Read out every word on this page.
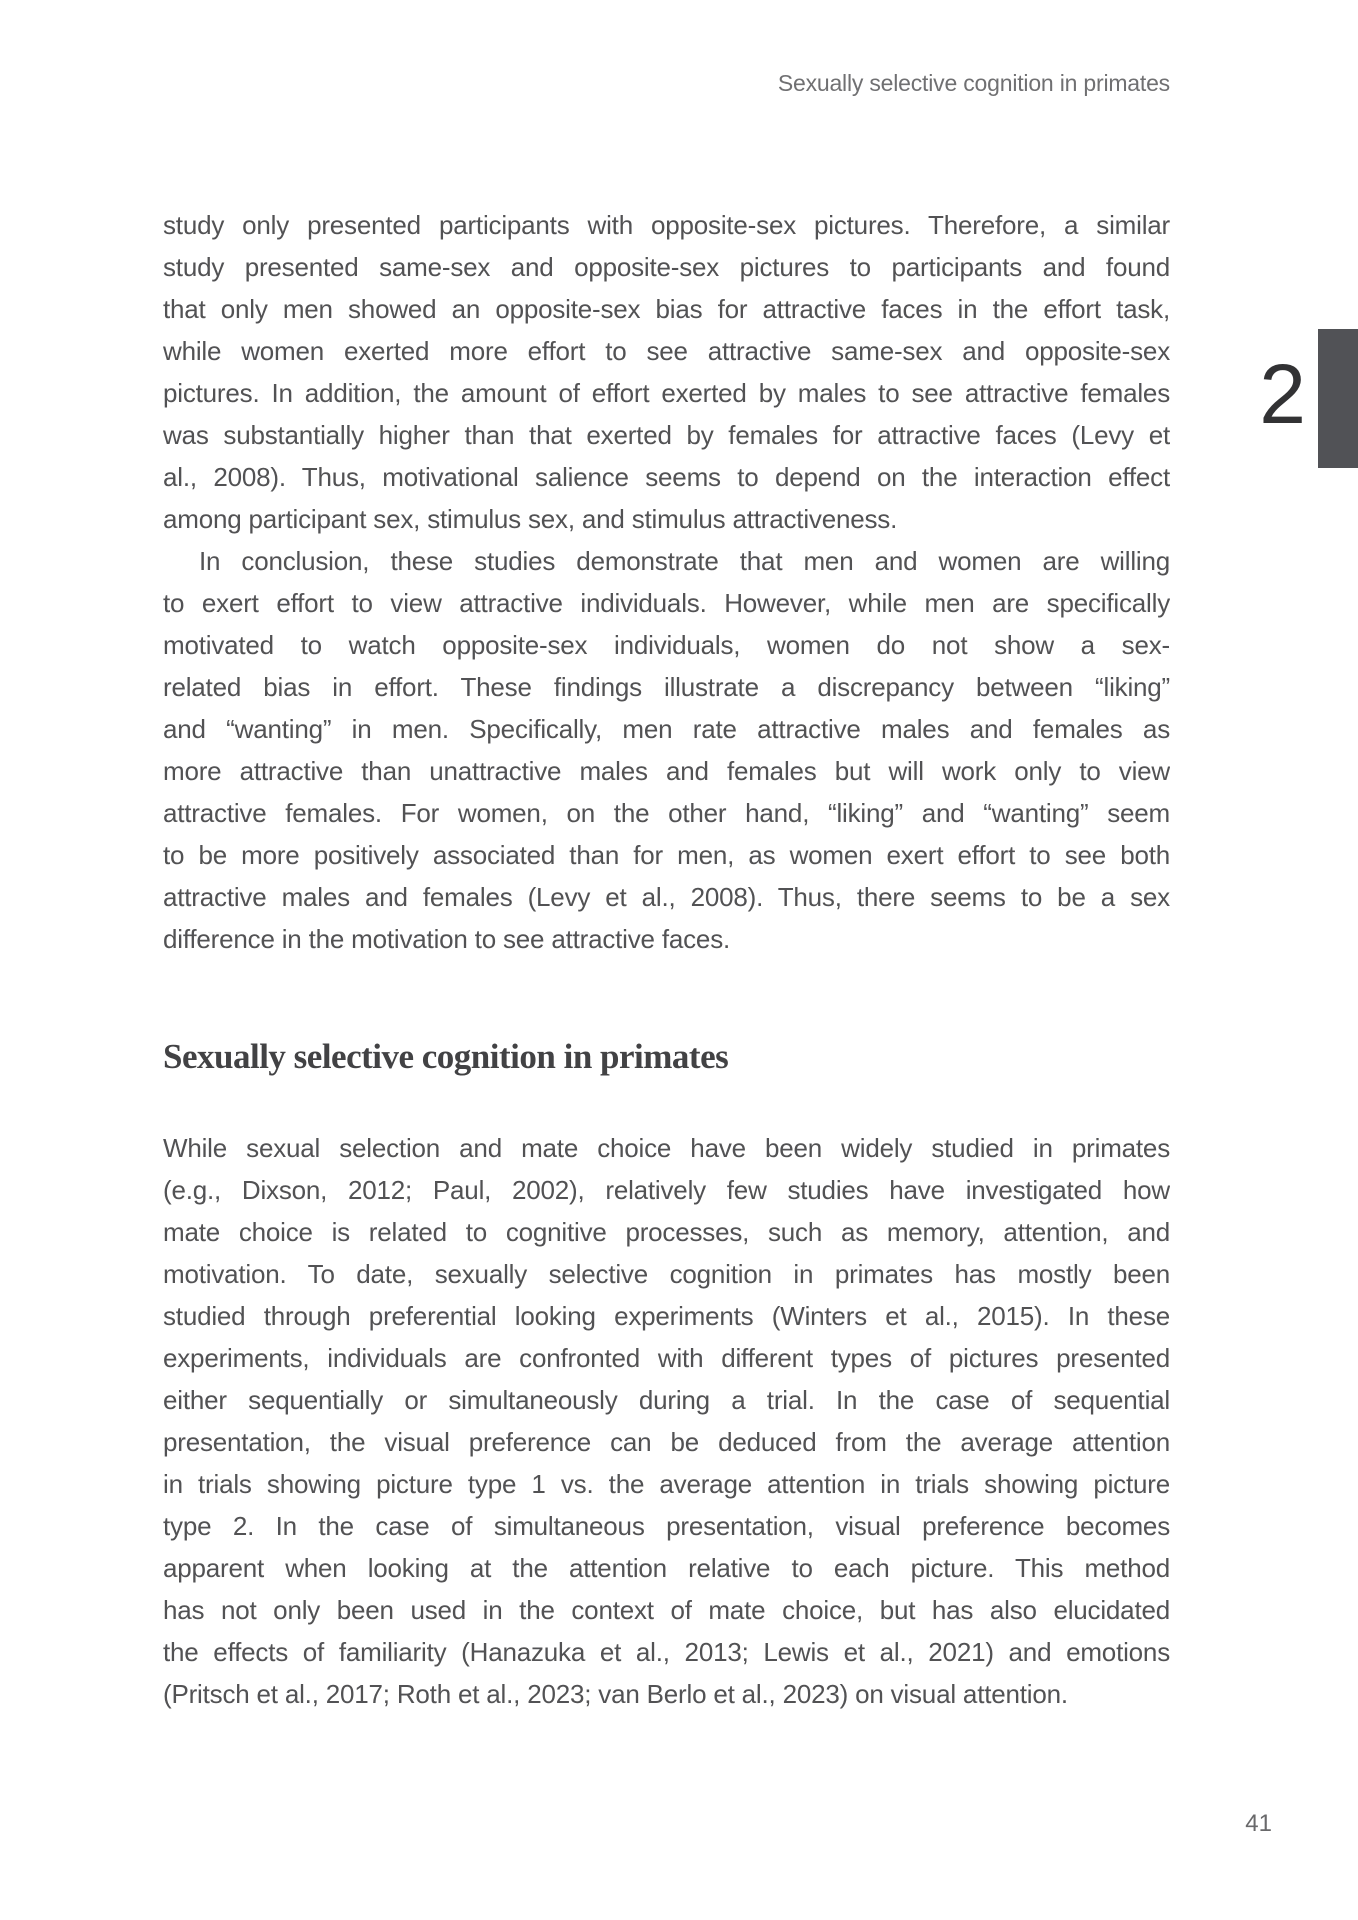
Sexually selective cognition in primates
2
study only presented participants with opposite-sex pictures. Therefore, a similar
study presented same-sex and opposite-sex pictures to participants and found
that only men showed an opposite-sex bias for attractive faces in the effort task,
while women exerted more effort to see attractive same-sex and opposite-sex
pictures. In addition, the amount of effort exerted by males to see attractive females
was substantially higher than that exerted by females for attractive faces (Levy et
al., 2008). Thus, motivational salience seems to depend on the interaction effect
among participant sex, stimulus sex, and stimulus attractiveness.
In conclusion, these studies demonstrate that men and women are willing
to exert effort to view attractive individuals. However, while men are specifically
motivated to watch opposite-sex individuals, women do not show a sex-
related bias in effort. These findings illustrate a discrepancy between “liking”
and “wanting” in men. Specifically, men rate attractive males and females as
more attractive than unattractive males and females but will work only to view
attractive females. For women, on the other hand, “liking” and “wanting” seem
to be more positively associated than for men, as women exert effort to see both
attractive males and females (Levy et al., 2008). Thus, there seems to be a sex
difference in the motivation to see attractive faces.
Sexually selective cognition in primates
While sexual selection and mate choice have been widely studied in primates
(e.g., Dixson, 2012; Paul, 2002), relatively few studies have investigated how
mate choice is related to cognitive processes, such as memory, attention, and
motivation. To date, sexually selective cognition in primates has mostly been
studied through preferential looking experiments (Winters et al., 2015). In these
experiments, individuals are confronted with different types of pictures presented
either sequentially or simultaneously during a trial. In the case of sequential
presentation, the visual preference can be deduced from the average attention
in trials showing picture type 1 vs. the average attention in trials showing picture
type 2. In the case of simultaneous presentation, visual preference becomes
apparent when looking at the attention relative to each picture. This method
has not only been used in the context of mate choice, but has also elucidated
the effects of familiarity (Hanazuka et al., 2013; Lewis et al., 2021) and emotions
(Pritsch et al., 2017; Roth et al., 2023; van Berlo et al., 2023) on visual attention.
41
